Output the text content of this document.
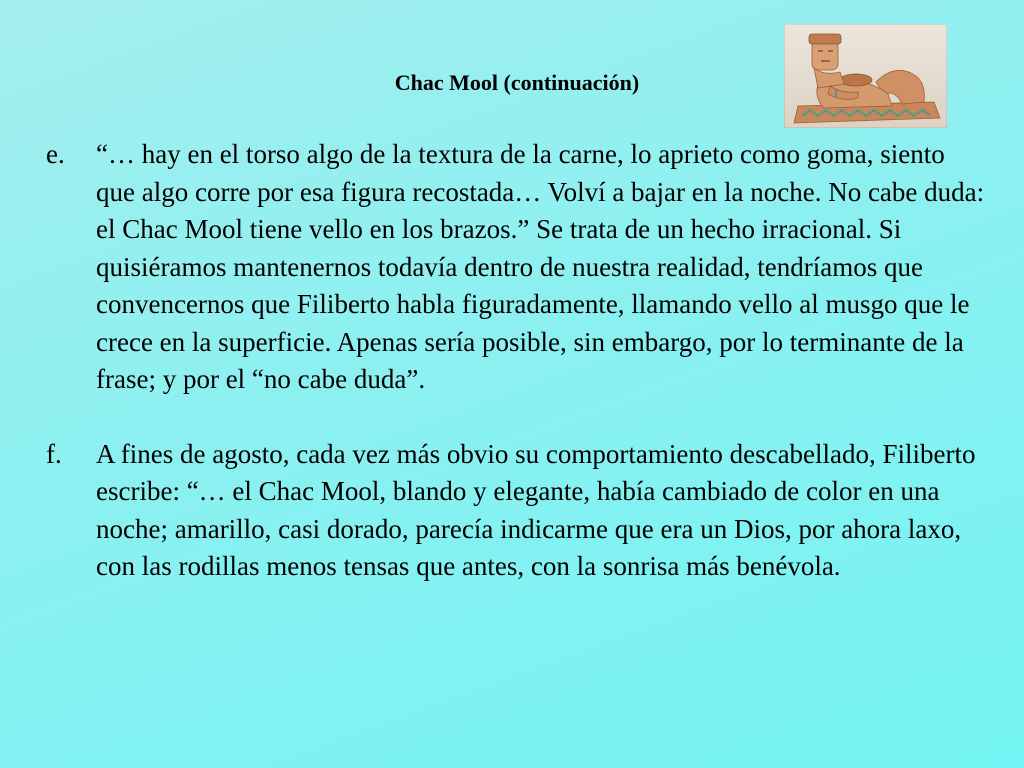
Chac Mool (continuación)
e. “… hay en el torso algo de la textura de la carne, lo aprieto como goma, siento que algo corre por esa figura recostada… Volví a bajar en la noche. No cabe duda: el Chac Mool tiene vello en los brazos.” Se trata de un hecho irracional. Si quisiéramos mantenernos todavía dentro de nuestra realidad, tendríamos que convencernos que Filiberto habla figuradamente, llamando vello al musgo que le crece en la superficie. Apenas sería posible, sin embargo, por lo terminante de la frase; y por el “no cabe duda”.
f. A fines de agosto, cada vez más obvio su comportamiento descabellado, Filiberto escribe: “… el Chac Mool, blando y elegante, había cambiado de color en una noche; amarillo, casi dorado, parecía indicarme que era un Dios, por ahora laxo, con las rodillas menos tensas que antes, con la sonrisa más benévola.
